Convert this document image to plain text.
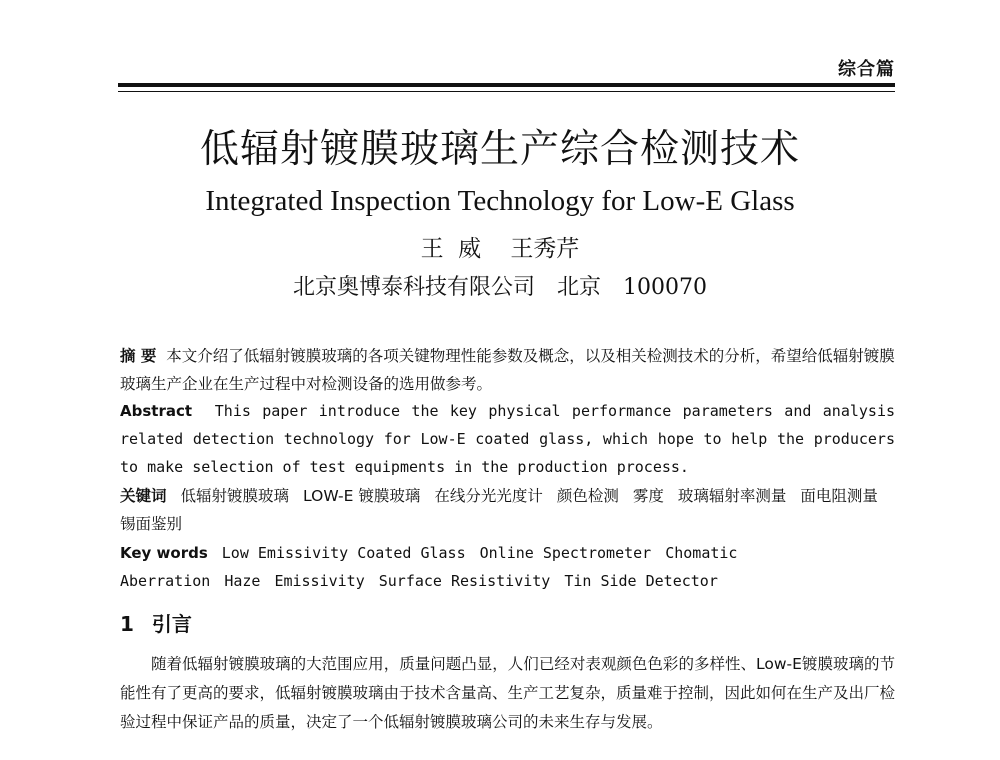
综合篇
低辐射镀膜玻璃生产综合检测技术
Integrated Inspection Technology for Low-E Glass
王  威    王秀芹
北京奥博泰科技有限公司 北京 100070
摘 要 本文介绍了低辐射镀膜玻璃的各项关键物理性能参数及概念，以及相关检测技术的分析，希望给低辐射镀膜玻璃生产企业在生产过程中对检测设备的选用做参考。
Abstract This paper introduce the key physical performance parameters and analysis related detection technology for Low-E coated glass, which hope to help the producers to make selection of test equipments in the production process.
关键词 低辐射镀膜玻璃 LOW-E 镀膜玻璃 在线分光光度计 颜色检测 雾度 玻璃辐射率测量 面电阻测量锡面鉴别
Key words Low Emissivity Coated Glass Online Spectrometer Chomatic Aberration Haze Emissivity Surface Resistivity Tin Side Detector
1 引言

随着低辐射镀膜玻璃的大范围应用，质量问题凸显，人们已经对表观颜色色彩的多样性、Low-E镀膜玻璃的节能性有了更高的要求，低辐射镀膜玻璃由于技术含量高、生产工艺复杂，质量难于控制，因此如何在生产及出厂检验过程中保证产品的质量，决定了一个低辐射镀膜玻璃公司的未来生存与发展。
